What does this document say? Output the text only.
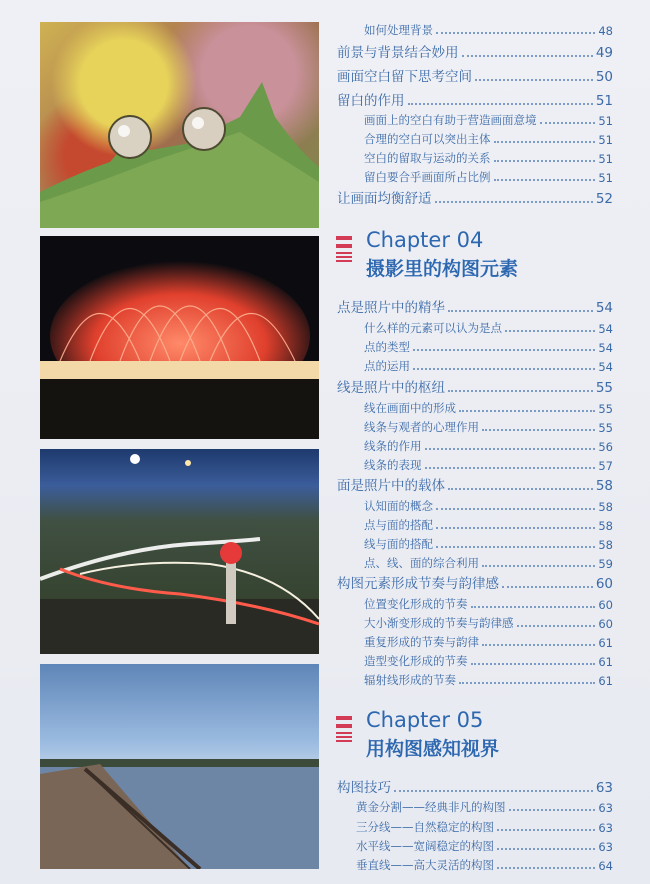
如何处理背景	48
前景与背景结合妙用	49
画面空白留下思考空间	50
留白的作用	51
画面上的空白有助于营造画面意境	51
合理的空白可以突出主体	51
空白的留取与运动的关系	51
留白要合乎画面所占比例	51
让画面均衡舒适	52
Chapter 04
摄影里的构图元素
点是照片中的精华	54
什么样的元素可以认为是点	54
点的类型	54
点的运用	54
线是照片中的枢纽	55
线在画面中的形成	55
线条与观者的心理作用	55
线条的作用	56
线条的表现	57
面是照片中的载体	58
认知面的概念	58
点与面的搭配	58
线与面的搭配	58
点、线、面的综合利用	59
构图元素形成节奏与韵律感	60
位置变化形成的节奏	60
大小渐变形成的节奏与韵律感	60
重复形成的节奏与韵律	61
造型变化形成的节奏	61
辐射线形成的节奏	61
Chapter 05
用构图感知视界
构图技巧	63
黄金分割——经典非凡的构图	63
三分线——自然稳定的构图	63
水平线——宽阔稳定的构图	63
垂直线——高大灵活的构图	64
